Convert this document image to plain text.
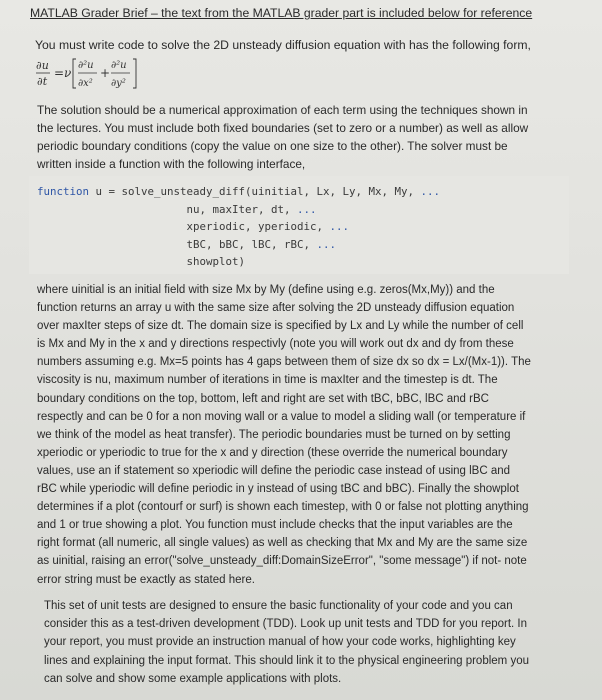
MATLAB Grader Brief – the text from the MATLAB grader part is included below for reference
You must write code to solve the 2D unsteady diffusion equation with has the following form,
∂u
∂t
= ν
∂²u
∂x²
+
∂²u
∂y²
The solution should be a numerical approximation of each term using the techniques shown in
the lectures. You must include both fixed boundaries (set to zero or a number) as well as allow
periodic boundary conditions (copy the value on one size to the other). The solver must be
written inside a function with the following interface,
function u = solve_unsteady_diff(uinitial, Lx, Ly, Mx, My, ...
nu, maxIter, dt, ...
xperiodic, yperiodic, ...
tBC, bBC, lBC, rBC, ...
showplot)
where uinitial is an initial field with size Mx by My (define using e.g. zeros(Mx,My)) and the
function returns an array u with the same size after solving the 2D unsteady diffusion equation
over maxIter steps of size dt. The domain size is specified by Lx and Ly while the number of cell
is Mx and My in the x and y directions respectivly (note you will work out dx and dy from these
numbers assuming e.g. Mx=5 points has 4 gaps between them of size dx so dx = Lx/(Mx-1)). The
viscosity is nu, maximum number of iterations in time is maxIter and the timestep is dt. The
boundary conditions on the top, bottom, left and right are set with tBC, bBC, lBC and rBC
respectly and can be 0 for a non moving wall or a value to model a sliding wall (or temperature if
we think of the model as heat transfer). The periodic boundaries must be turned on by setting
xperiodic or yperiodic to true for the x and y direction (these override the numerical boundary
values, use an if statement so xperiodic will define the periodic case instead of using lBC and
rBC while yperiodic will define periodic in y instead of using tBC and bBC). Finally the showplot
determines if a plot (contourf or surf) is shown each timestep, with 0 or false not plotting anything
and 1 or true showing a plot. You function must include checks that the input variables are the
right format (all numeric, all single values) as well as checking that Mx and My are the same size
as uinitial, raising an error("solve_unsteady_diff:DomainSizeError", "some message") if not- note
error string must be exactly as stated here.
This set of unit tests are designed to ensure the basic functionality of your code and you can
consider this as a test-driven development (TDD). Look up unit tests and TDD for you report. In
your report, you must provide an instruction manual of how your code works, highlighting key
lines and explaining the input format. This should link it to the physical engineering problem you
can solve and show some example applications with plots.
